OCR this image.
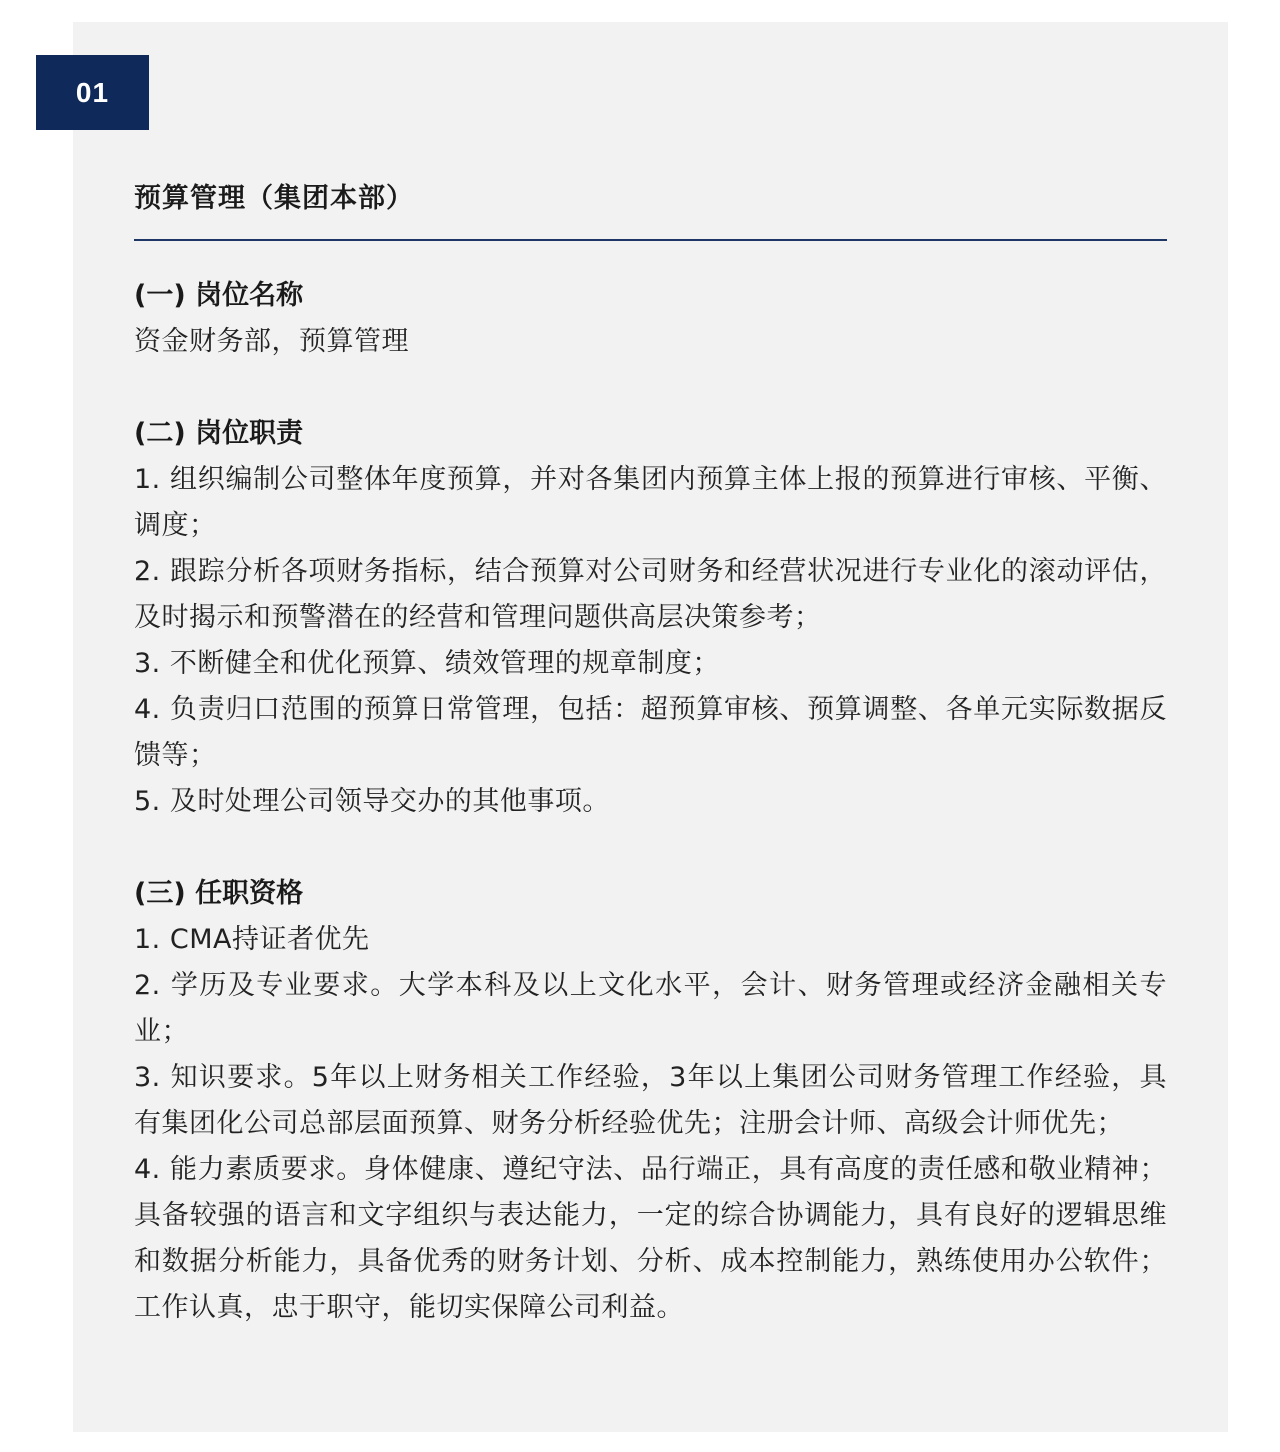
01
预算管理（集团本部）

(一) 岗位名称

资金财务部，预算管理

(二) 岗位职责

1. 组织编制公司整体年度预算，并对各集团内预算主体上报的预算进行审核、平衡、调度；

2. 跟踪分析各项财务指标，结合预算对公司财务和经营状况进行专业化的滚动评估，及时揭示和预警潜在的经营和管理问题供高层决策参考；

3. 不断健全和优化预算、绩效管理的规章制度；

4. 负责归口范围的预算日常管理，包括：超预算审核、预算调整、各单元实际数据反馈等；

5. 及时处理公司领导交办的其他事项。

(三) 任职资格

1. CMA持证者优先

2. 学历及专业要求。大学本科及以上文化水平，会计、财务管理或经济金融相关专业；

3. 知识要求。5年以上财务相关工作经验，3年以上集团公司财务管理工作经验，具有集团化公司总部层面预算、财务分析经验优先；注册会计师、高级会计师优先；

4. 能力素质要求。身体健康、遵纪守法、品行端正，具有高度的责任感和敬业精神；具备较强的语言和文字组织与表达能力，一定的综合协调能力，具有良好的逻辑思维和数据分析能力，具备优秀的财务计划、分析、成本控制能力，熟练使用办公软件；工作认真，忠于职守，能切实保障公司利益。
